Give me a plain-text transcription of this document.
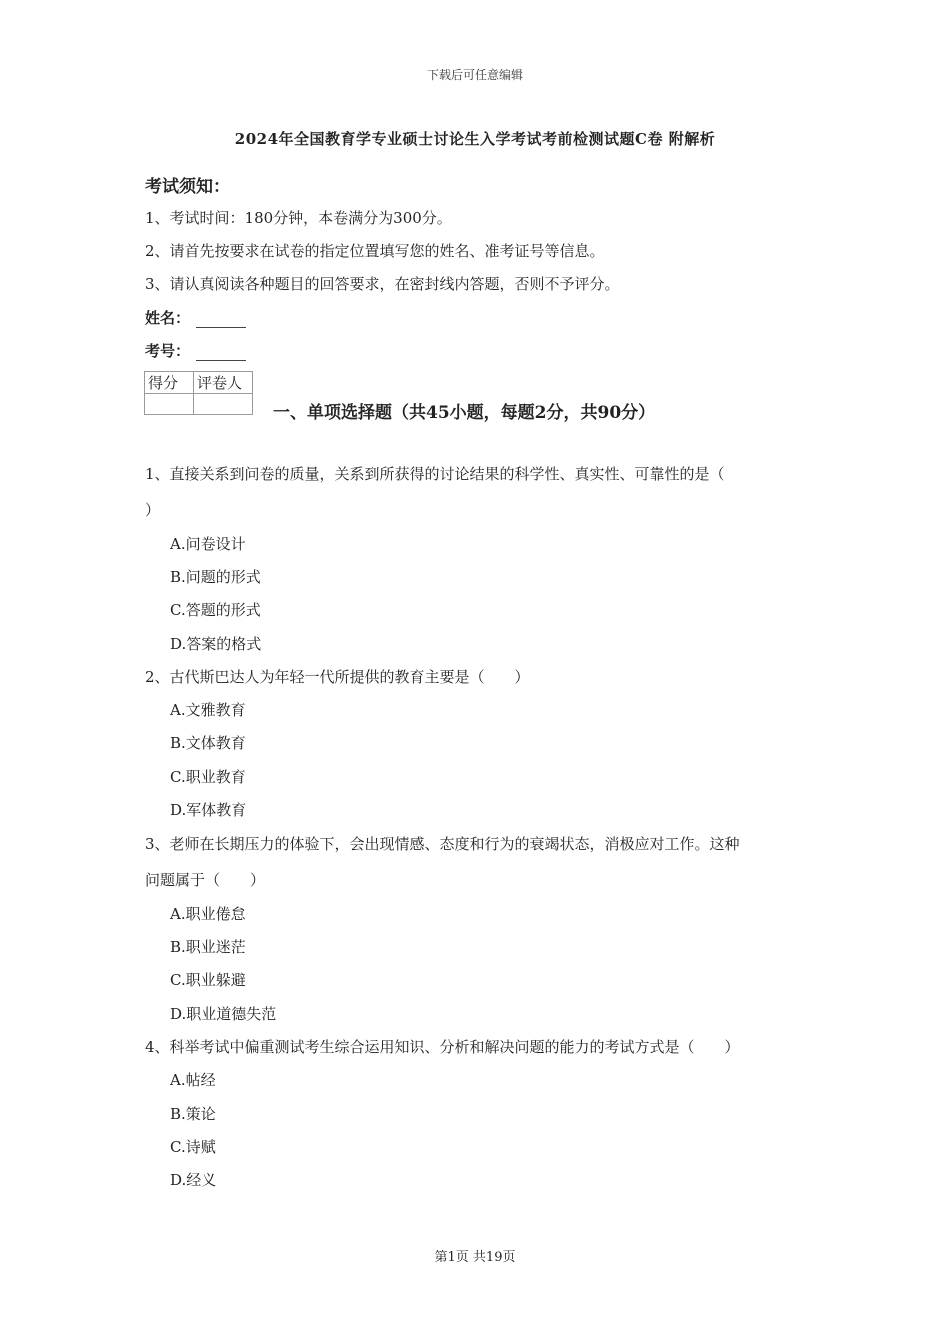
下载后可任意编辑
2024年全国教育学专业硕士讨论生入学考试考前检测试题C卷 附解析
考试须知：
1、考试时间：180分钟，本卷满分为300分。
2、请首先按要求在试卷的指定位置填写您的姓名、准考证号等信息。
3、请认真阅读各种题目的回答要求，在密封线内答题，否则不予评分。
姓名：
考号：
得分	评卷人

一、单项选择题（共45小题，每题2分，共90分）
1、直接关系到问卷的质量，关系到所获得的讨论结果的科学性、真实性、可靠性的是（
）
A.问卷设计
B.问题的形式
C.答题的形式
D.答案的格式
2、古代斯巴达人为年轻一代所提供的教育主要是（　　）
A.文雅教育
B.文体教育
C.职业教育
D.军体教育
3、老师在长期压力的体验下，会出现情感、态度和行为的衰竭状态，消极应对工作。这种
问题属于（　　）
A.职业倦怠
B.职业迷茫
C.职业躲避
D.职业道德失范
4、科举考试中偏重测试考生综合运用知识、分析和解决问题的能力的考试方式是（　　）
A.帖经
B.策论
C.诗赋
D.经义
第1页 共19页
